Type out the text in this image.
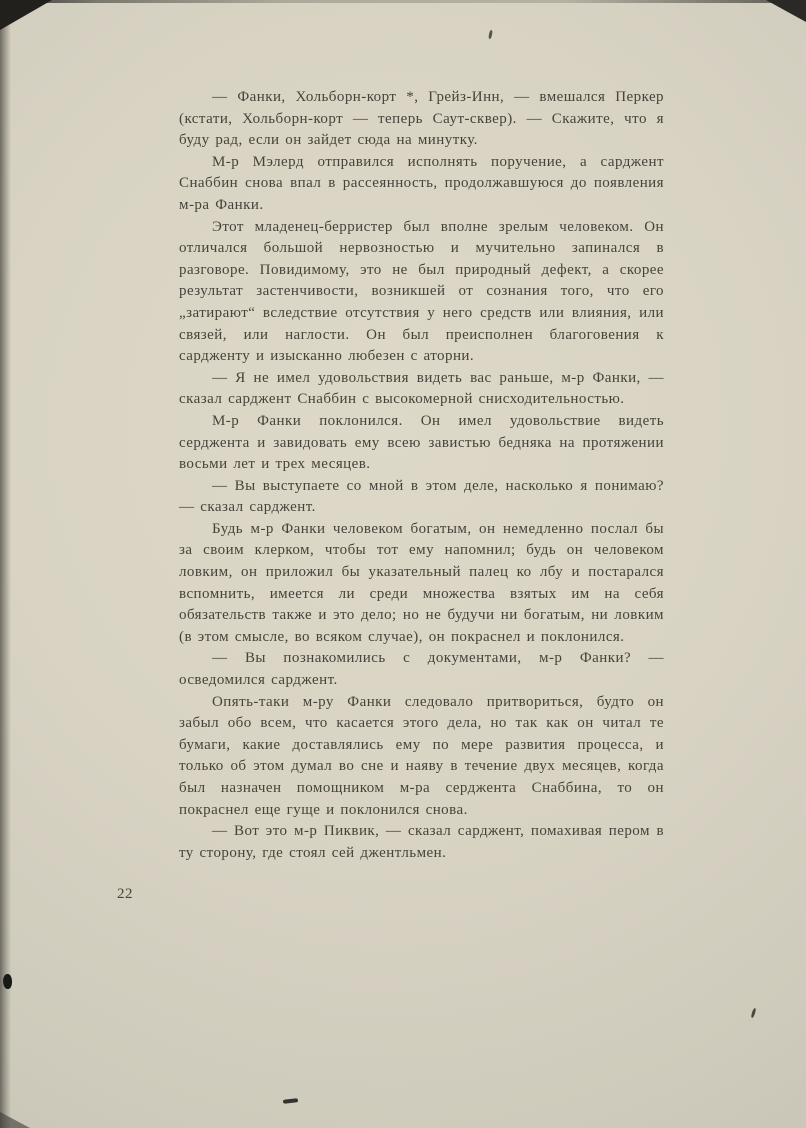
— Фанки, Хольборн-корт *, Грейз-Инн, — вмешался Перкер (кстати, Хольборн-корт — теперь Саут-сквер). — Скажите, что я буду рад, если он зайдет сюда на минутку.

М-р Мэлерд отправился исполнять поручение, а сарджент Снаббин снова впал в рассеянность, продолжавшуюся до появления м-ра Фанки.

Этот младенец-берристер был вполне зрелым человеком. Он отличался большой нервозностью и мучительно запинался в разговоре. Повидимому, это не был природный дефект, а скорее результат застенчивости, возникшей от сознания того, что его „затирают“ вследствие отсутствия у него средств или влияния, или связей, или наглости. Он был преисполнен благоговения к сардженту и изысканно любезен с аторни.

— Я не имел удовольствия видеть вас раньше, м-р Фанки, — сказал сарджент Снаббин с высокомерной снисходительностью.

М-р Фанки поклонился. Он имел удовольствие видеть серджента и завидовать ему всею завистью бедняка на протяжении восьми лет и трех месяцев.

— Вы выступаете со мной в этом деле, насколько я понимаю? — сказал сарджент.

Будь м-р Фанки человеком богатым, он немедленно послал бы за своим клерком, чтобы тот ему напомнил; будь он человеком ловким, он приложил бы указательный палец ко лбу и постарался вспомнить, имеется ли среди множества взятых им на себя обязательств также и это дело; но не будучи ни богатым, ни ловким (в этом смысле, во всяком случае), он покраснел и поклонился.

— Вы познакомились с документами, м-р Фанки? — осведомился сарджент.

Опять-таки м-ру Фанки следовало притвориться, будто он забыл обо всем, что касается этого дела, но так как он читал те бумаги, какие доставлялись ему по мере развития процесса, и только об этом думал во сне и наяву в течение двух месяцев, когда был назначен помощником м-ра серджента Снаббина, то он покраснел еще гуще и поклонился снова.

— Вот это м-р Пиквик, — сказал сарджент, помахивая пером в ту сторону, где стоял сей джентльмен.

22
